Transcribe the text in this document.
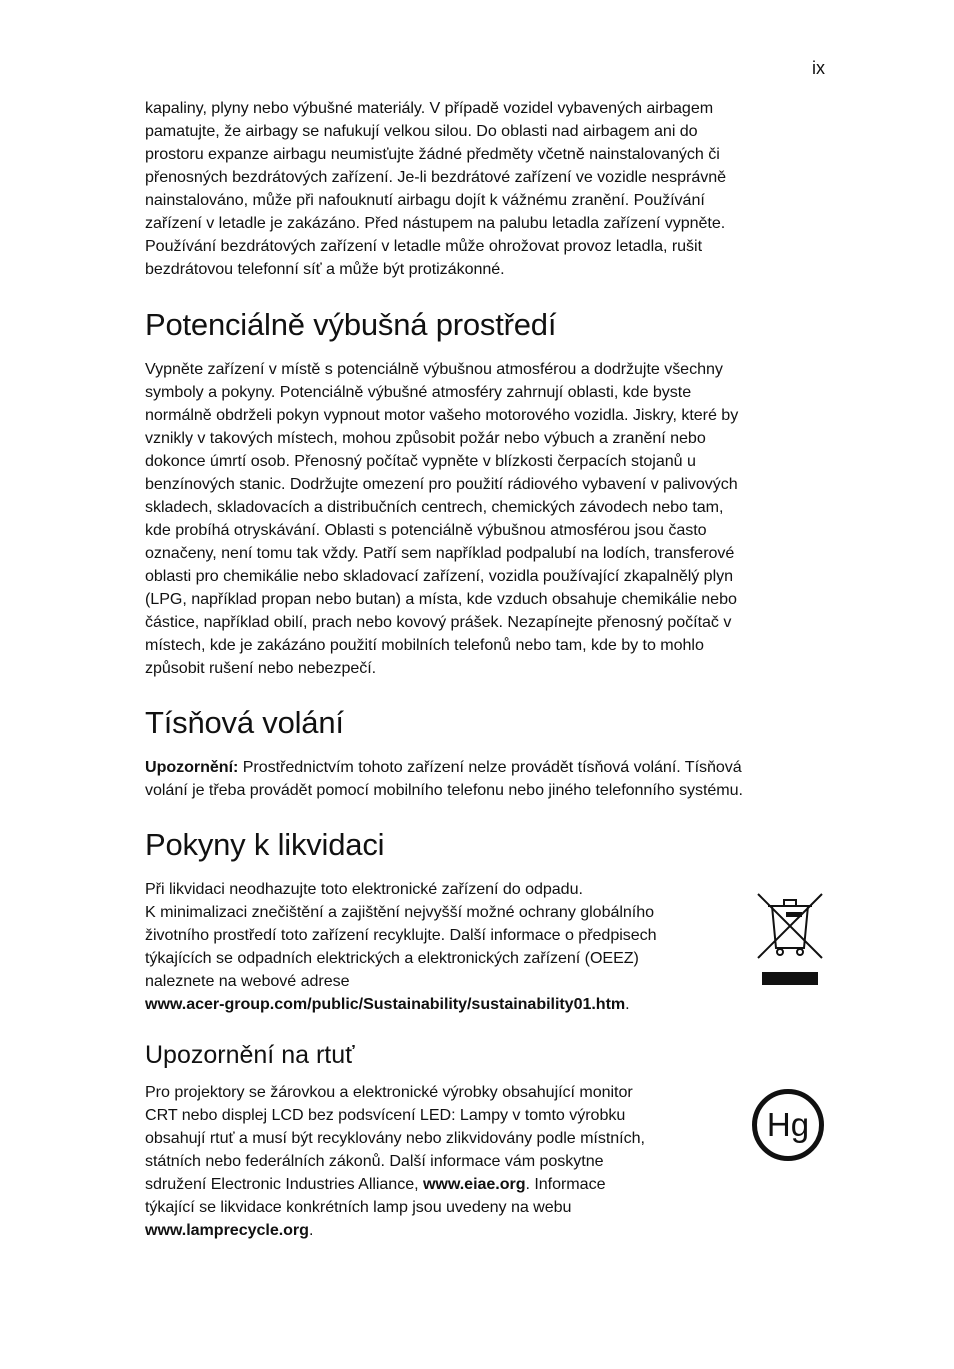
ix

kapaliny, plyny nebo výbušné materiály. V případě vozidel vybavených airbagem
pamatujte, že airbagy se nafukují velkou silou. Do oblasti nad airbagem ani do
prostoru expanze airbagu neumisťujte žádné předměty včetně nainstalovaných či
přenosných bezdrátových zařízení. Je-li bezdrátové zařízení ve vozidle nesprávně
nainstalováno, může při nafouknutí airbagu dojít k vážnému zranění. Používání
zařízení v letadle je zakázáno. Před nástupem na palubu letadla zařízení vypněte.
Používání bezdrátových zařízení v letadle může ohrožovat provoz letadla, rušit
bezdrátovou telefonní síť a může být protizákonné.

Potenciálně výbušná prostředí

Vypněte zařízení v místě s potenciálně výbušnou atmosférou a dodržujte všechny
symboly a pokyny. Potenciálně výbušné atmosféry zahrnují oblasti, kde byste
normálně obdrželi pokyn vypnout motor vašeho motorového vozidla. Jiskry, které by
vznikly v takových místech, mohou způsobit požár nebo výbuch a zranění nebo
dokonce úmrtí osob. Přenosný počítač vypněte v blízkosti čerpacích stojanů u
benzínových stanic. Dodržujte omezení pro použití rádiového vybavení v palivových
skladech, skladovacích a distribučních centrech, chemických závodech nebo tam,
kde probíhá otryskávání. Oblasti s potenciálně výbušnou atmosférou jsou často
označeny, není tomu tak vždy. Patří sem například podpalubí na lodích, transferové
oblasti pro chemikálie nebo skladovací zařízení, vozidla používající zkapalnělý plyn
(LPG, například propan nebo butan) a místa, kde vzduch obsahuje chemikálie nebo
částice, například obilí, prach nebo kovový prášek. Nezapínejte přenosný počítač v
místech, kde je zakázáno použití mobilních telefonů nebo tam, kde by to mohlo
způsobit rušení nebo nebezpečí.

Tísňová volání

Upozornění: Prostřednictvím tohoto zařízení nelze provádět tísňová volání. Tísňová
volání je třeba provádět pomocí mobilního telefonu nebo jiného telefonního systému.

Pokyny k likvidaci

Při likvidaci neodhazujte toto elektronické zařízení do odpadu.
K minimalizaci znečištění a zajištění nejvyšší možné ochrany globálního
životního prostředí toto zařízení recyklujte. Další informace o předpisech
týkajících se odpadních elektrických a elektronických zařízení (OEEZ)
naleznete na webové adrese
www.acer-group.com/public/Sustainability/sustainability01.htm.

Upozornění na rtuť

Pro projektory se žárovkou a elektronické výrobky obsahující monitor
CRT nebo displej LCD bez podsvícení LED: Lampy v tomto výrobku
obsahují rtuť a musí být recyklovány nebo zlikvidovány podle místních,
státních nebo federálních zákonů. Další informace vám poskytne
sdružení Electronic Industries Alliance, www.eiae.org. Informace
týkající se likvidace konkrétních lamp jsou uvedeny na webu
www.lamprecycle.org.

Hg
